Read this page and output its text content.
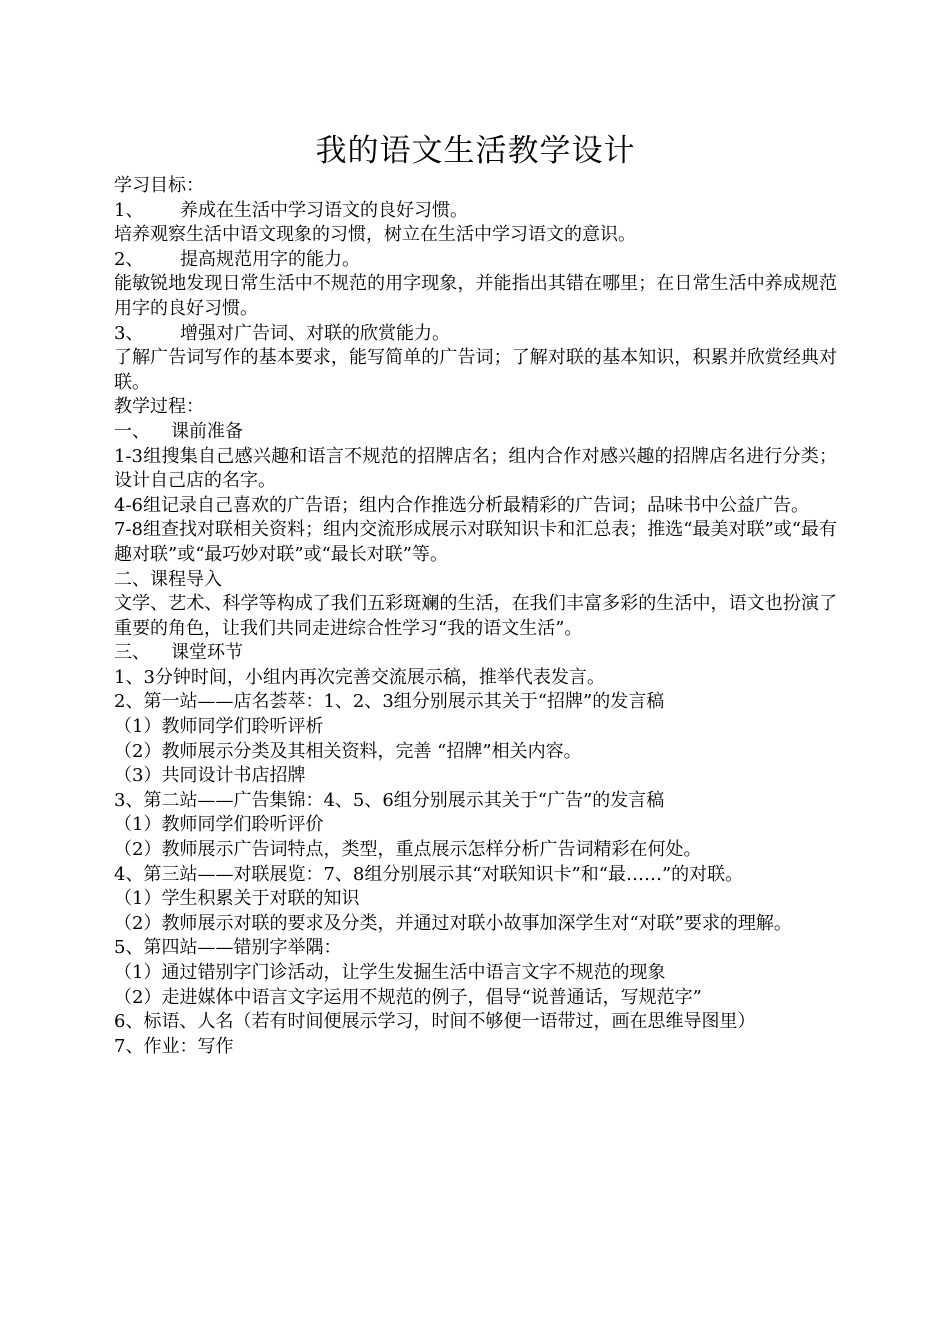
我的语文生活教学设计

学习目标：

1、 养成在生活中学习语文的良好习惯。

培养观察生活中语文现象的习惯，树立在生活中学习语文的意识。

2、 提高规范用字的能力。

能敏锐地发现日常生活中不规范的用字现象，并能指出其错在哪里；在日常生活中养成规范用字的良好习惯。

3、 增强对广告词、对联的欣赏能力。

了解广告词写作的基本要求，能写简单的广告词；了解对联的基本知识，积累并欣赏经典对联。

教学过程：

一、 课前准备

1-3组搜集自己感兴趣和语言不规范的招牌店名；组内合作对感兴趣的招牌店名进行分类；设计自己店的名字。

4-6组记录自己喜欢的广告语；组内合作推选分析最精彩的广告词；品味书中公益广告。

7-8组查找对联相关资料；组内交流形成展示对联知识卡和汇总表；推选“最美对联”或“最有趣对联”或“最巧妙对联”或“最长对联”等。

二、课程导入

文学、艺术、科学等构成了我们五彩斑斓的生活，在我们丰富多彩的生活中，语文也扮演了重要的角色，让我们共同走进综合性学习“我的语文生活”。

三、 课堂环节

1、3分钟时间，小组内再次完善交流展示稿，推举代表发言。

2、第一站——店名荟萃：1、2、3组分别展示其关于“招牌”的发言稿

（1）教师同学们聆听评析

（2）教师展示分类及其相关资料，完善 “招牌”相关内容。

（3）共同设计书店招牌

3、第二站——广告集锦：4、5、6组分别展示其关于“广告”的发言稿

（1）教师同学们聆听评价

（2）教师展示广告词特点，类型，重点展示怎样分析广告词精彩在何处。

4、第三站——对联展览：7、8组分别展示其“对联知识卡”和“最……”的对联。

（1）学生积累关于对联的知识

（2）教师展示对联的要求及分类，并通过对联小故事加深学生对“对联”要求的理解。

5、第四站——错别字举隅：

（1）通过错别字门诊活动，让学生发掘生活中语言文字不规范的现象

（2）走进媒体中语言文字运用不规范的例子，倡导“说普通话，写规范字”

6、标语、人名（若有时间便展示学习，时间不够便一语带过，画在思维导图里）

7、作业：写作
